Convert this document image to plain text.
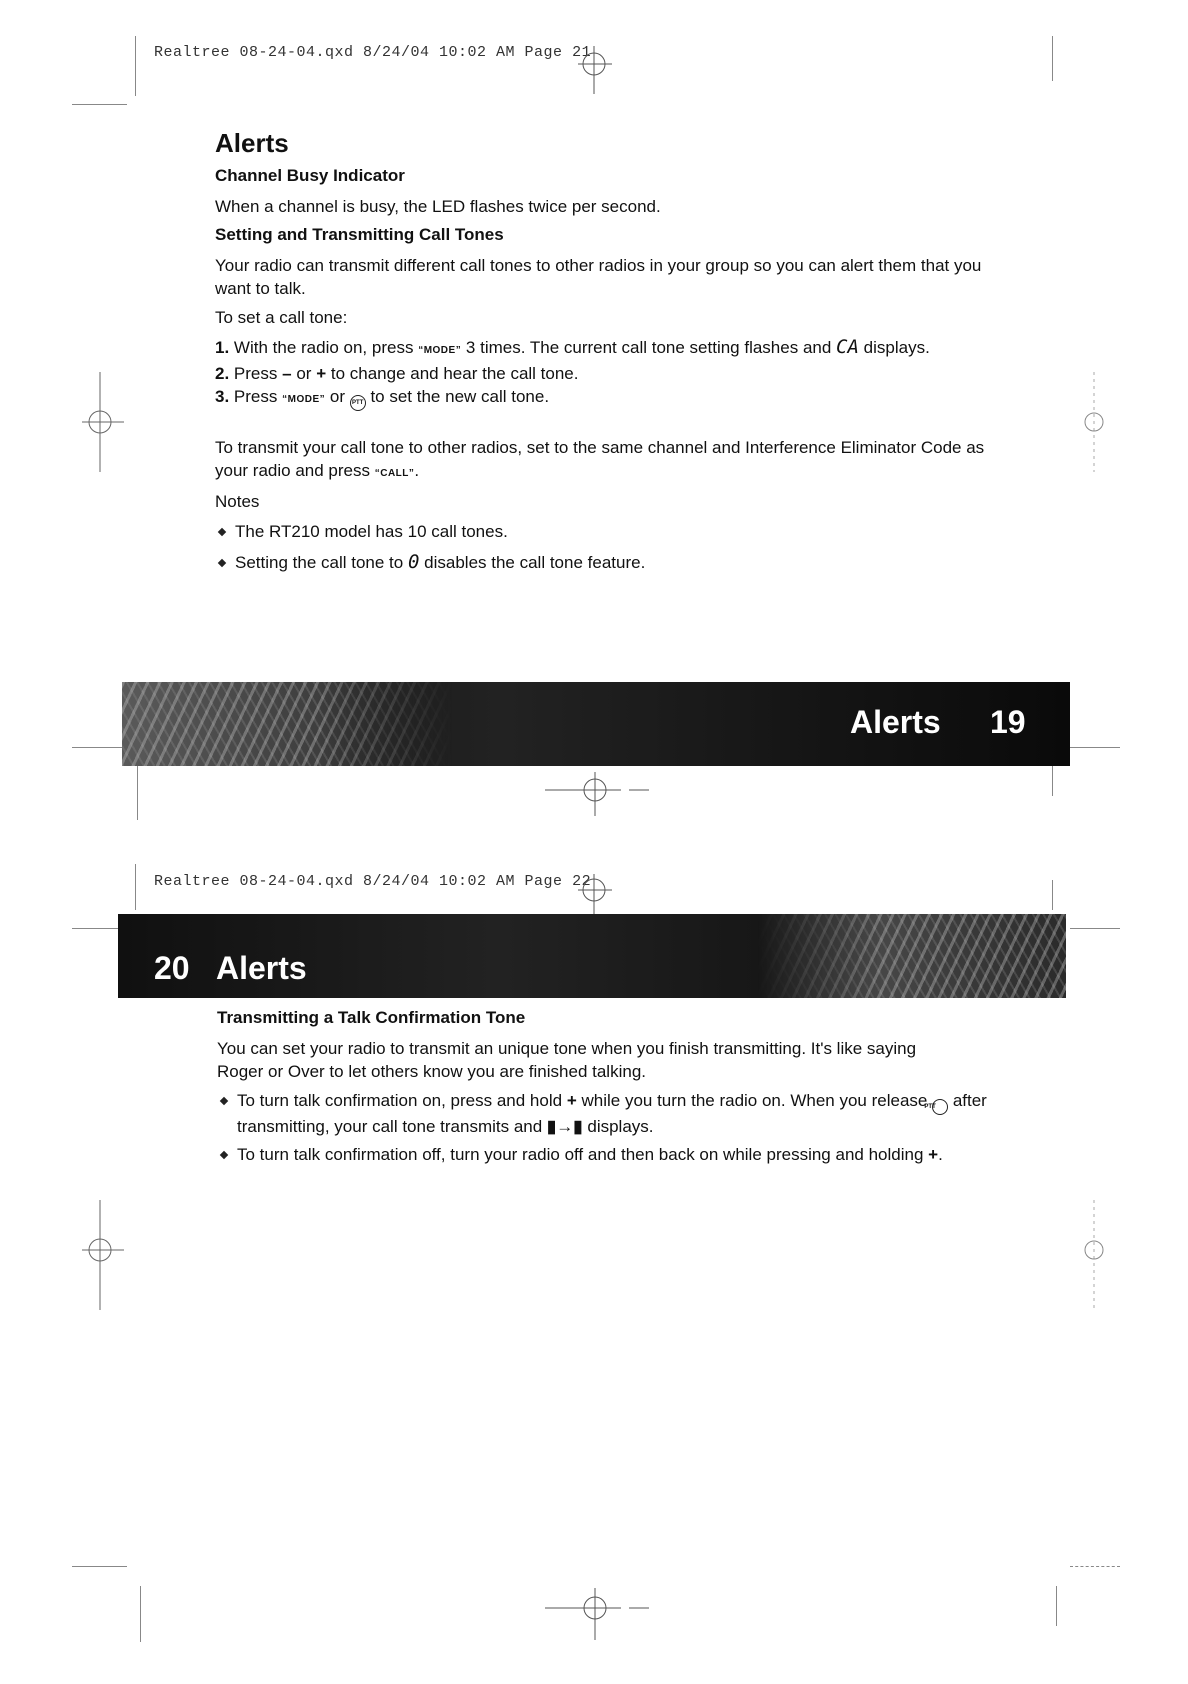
Realtree 08-24-04.qxd 8/24/04 10:02 AM Page 21
Alerts
Channel Busy Indicator
When a channel is busy, the LED flashes twice per second.
Setting and Transmitting Call Tones
Your radio can transmit different call tones to other radios in your group so you can alert them that you want to talk.
To set a call tone:
1. With the radio on, press “MODE” 3 times. The current call tone setting flashes and CA displays.
2. Press – or + to change and hear the call tone.
3. Press “MODE” or PTT to set the new call tone.
To transmit your call tone to other radios, set to the same channel and Interference Eliminator Code as your radio and press “CALL”.
Notes
The RT210 model has 10 call tones.
Setting the call tone to 0 disables the call tone feature.
Alerts 19
Realtree 08-24-04.qxd 8/24/04 10:02 AM Page 22
20 Alerts
Transmitting a Talk Confirmation Tone
You can set your radio to transmit an unique tone when you finish transmitting. It's like saying Roger or Over to let others know you are finished talking.
To turn talk confirmation on, press and hold + while you turn the radio on. When you release PTT after transmitting, your call tone transmits and ▮→▮ displays.
To turn talk confirmation off, turn your radio off and then back on while pressing and holding +.
